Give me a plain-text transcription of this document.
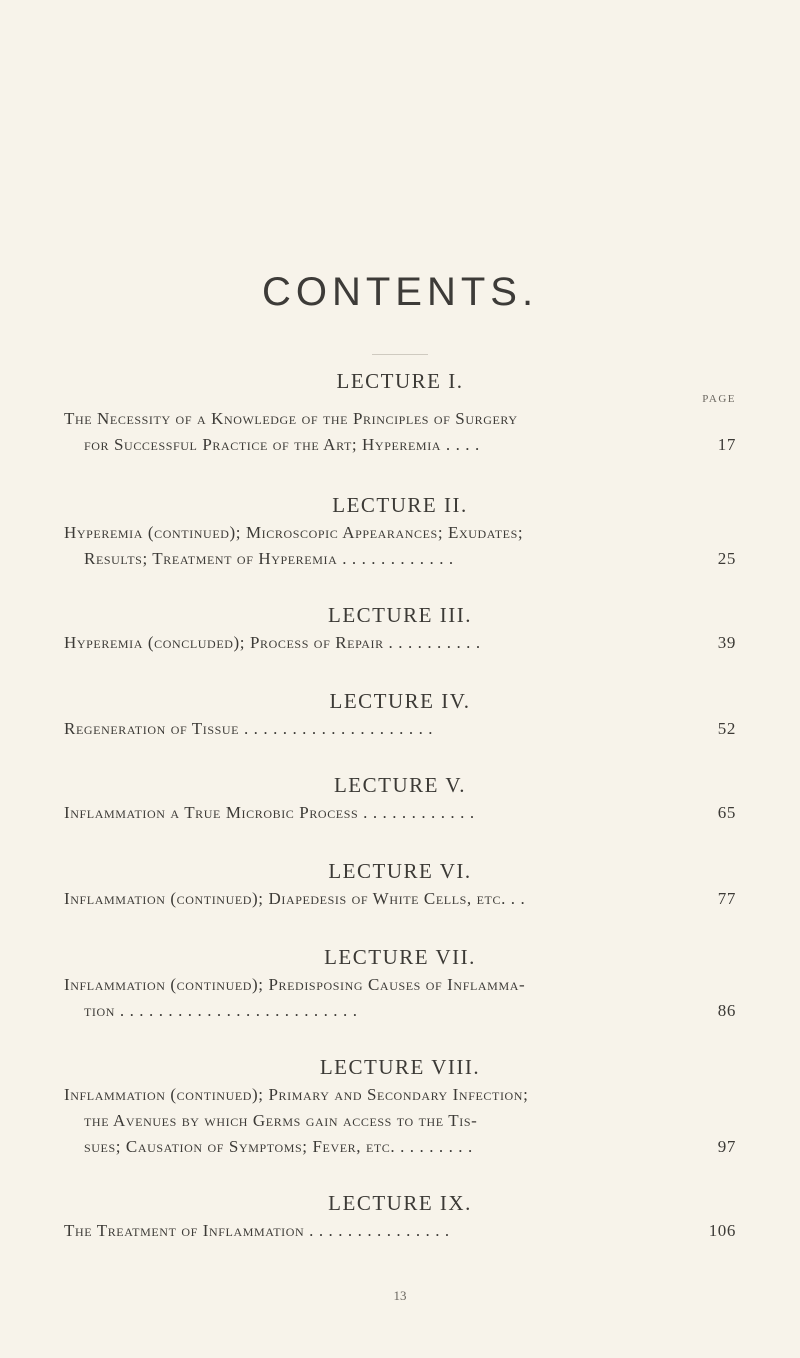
CONTENTS.
LECTURE I.
PAGE
The Necessity of a Knowledge of the Principles of Surgery
for Successful Practice of the Art; Hyperemia . . . .	17
LECTURE II.
Hyperemia (continued); Microscopic Appearances; Exudates;
Results; Treatment of Hyperemia . . . . . . . . . . . .	25
LECTURE III.
Hyperemia (concluded); Process of Repair . . . . . . . . . .	39
LECTURE IV.
Regeneration of Tissue . . . . . . . . . . . . . . . . . . . .	52
LECTURE V.
Inflammation a True Microbic Process . . . . . . . . . . . .	65
LECTURE VI.
Inflammation (continued); Diapedesis of White Cells, etc. . .	77
LECTURE VII.
Inflammation (continued); Predisposing Causes of Inflamma-
tion . . . . . . . . . . . . . . . . . . . . . . . . .	86
LECTURE VIII.
Inflammation (continued); Primary and Secondary Infection;
the Avenues by which Germs gain access to the Tis-
sues; Causation of Symptoms; Fever, etc. . . . . . . . .	97
LECTURE IX.
The Treatment of Inflammation . . . . . . . . . . . . . . .	106
13
